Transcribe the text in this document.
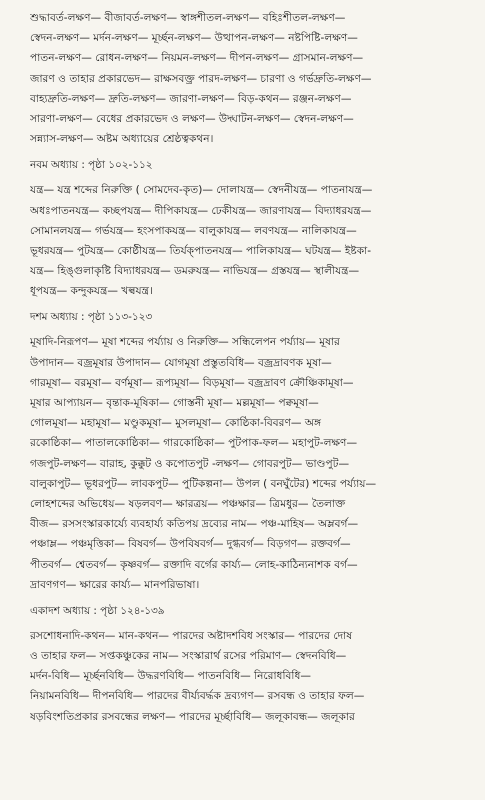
শুদ্ধাবর্ত-লক্ষণ— বীজাবর্ত-লক্ষণ— স্বাঙ্গশীতল-লক্ষণ— বহিঃশীতল-লক্ষণ—
স্বেদন-লক্ষণ— মর্দন-লক্ষণ— মূর্চ্ছন-লক্ষণ— উত্থাপন-লক্ষণ— নষ্টপিষ্টি-লক্ষণ—
পাতন-লক্ষণ— রোধন-লক্ষণ— নিয়মন-লক্ষণ— দীপন-লক্ষণ— গ্রাসমান-লক্ষণ—
জারণ ও তাহার প্রকারভেদ— রাক্ষসবক্ত্র পারদ-লক্ষণ— চারণা ও গর্ভদ্রুতি-লক্ষণ—
বাহ্যদ্রুতি-লক্ষণ— দ্রুতি-লক্ষণ— জারণা-লক্ষণ— বিড়-কথন— রঞ্জন-লক্ষণ—
সারণা-লক্ষণ— বেধের প্রকারভেদ ও লক্ষণ— উদ্ঘাটন-লক্ষণ— স্বেদন-লক্ষণ—
সন্ন্যাস-লক্ষণ— অষ্টম অধ্যায়ের শ্রেষ্ঠত্বকথন।
নবম অধ্যায় : পৃষ্ঠা ১০২-১১২
যন্ত্র— যন্ত্র শব্দের নিরুক্তি ( সোমদেব-কৃত)— দোলাযন্ত্র— স্বেদনীযন্ত্র— পাতনাযন্ত্র—
অধঃপাতনযন্ত্র— কচ্ছপযন্ত্র— দীপিকাযন্ত্র— ঢেকীযন্ত্র— জারণাযন্ত্র— বিদ্যাধরযন্ত্র—
সোমানলযন্ত্র— গর্ভযন্ত্র— হংসপাকযন্ত্র— বালুকাযন্ত্র— লবণযন্ত্র— নালিকাযন্ত্র—
ভূধরযন্ত্র— পুটযন্ত্র— কোষ্ঠীযন্ত্র— তির্যক্পাতনযন্ত্র— পালিকাযন্ত্র— ঘটযন্ত্র— ইষ্টকা-
যন্ত্র— হিঙ্গুলাকৃষ্টি বিদ্যাধরযন্ত্র— ডমরুযন্ত্র— নাভিযন্ত্র— গ্রস্তযন্ত্র— স্থালীযন্ত্র—
ধূপযন্ত্র— কন্দুকযন্ত্র— খল্বযন্ত্র।
দশম অধ্যায় : পৃষ্ঠা ১১৩-১২৩
মূষাদি-নিরূপণ— মূষা শব্দের পর্য্যায় ও নিরুক্তি— সন্ধিলেপন পর্য্যায়— মূষার
উপাদান— বজ্রমূষার উপাদান— যোগমূষা প্রস্তুতবিধি— বজ্রদ্রাবণক মূষা—
গারমূষা— বরমূষা— বর্ণমূষা— রূপ্যমূষা— বিড়মূষা— বজ্রদ্রাবণ ক্রৌঞ্চিকামূষা—
মূষার আপ্যায়ন— বৃন্তাক-মূষিকা— গোস্তনী মূষা— মল্লমূষা— পক্বমূষা—
গোলমূষা— মহামূষা— মণ্ডুকমূষা— মুসলমূষা— কোষ্ঠিকা-বিবরণ— অঙ্গ
রকোষ্ঠিকা— পাতালকোষ্ঠিকা— গারকোষ্ঠিকা— পুটপাক-ফল— মহাপুট-লক্ষণ—
গজপুট-লক্ষণ— বারাহ, কুক্কুট ও কপোতপুট -লক্ষণ— গোবরপুট— ভাণ্ডপুট—
বালুকাপুট— ভূধরপুট— লাবকপুট— পুটিকল্পনা— উপল ( বনঘুঁটের) শব্দের পর্য্যায়—
লোহশব্দের অভিধেয়— ষড়লবণ— ক্ষারত্রয়— পঞ্চক্ষার— ত্রিমধুর— তৈলাক্ত
বীজ— রসসংস্কারকার্য্যে ব্যবহার্য্য কতিপয় দ্রব্যের নাম— পঞ্চ-মাহিষ— অম্লবর্গ—
পঞ্চাম্ল— পঞ্চমৃত্তিকা— বিষবর্গ— উপবিষবর্গ— দুগ্ধবর্গ— বিড়গণ— রক্তবর্গ—
পীতবর্গ— শ্বেতবর্গ— কৃষ্ণবর্গ— রক্তাদি বর্গের কার্য্য— লোহ-কাঠিন্যনাশক বর্গ—
দ্রাবণগণ— ক্ষারের কার্য্য— মানপরিভাষা।
একাদশ অধ্যায় : পৃষ্ঠা ১২৪-১৩৯
রসশোধনাদি-কথন— মান-কথন— পারদের অষ্টাদশবিধ সংস্কার— পারদের দোষ
ও তাহার ফল— সপ্তকঞ্চুকের নাম— সংস্কারার্থ রসের পরিমাণ— স্বেদনবিধি—
মর্দন-বিধি— মূর্চ্ছনবিধি— উদ্ধরণবিধি— পাতনবিধি— নিরোধবিধি—
নিয়ামনবিধি— দীপনবিধি— পারদের বীর্য্যবর্দ্ধক দ্রব্যগণ— রসবন্ধ ও তাহার ফল—
ষড়বিংশতিপ্রকার রসবন্ধের লক্ষণ— পারদের মূর্চ্ছাবিধি— জলূকাবন্ধ— জলূকার
